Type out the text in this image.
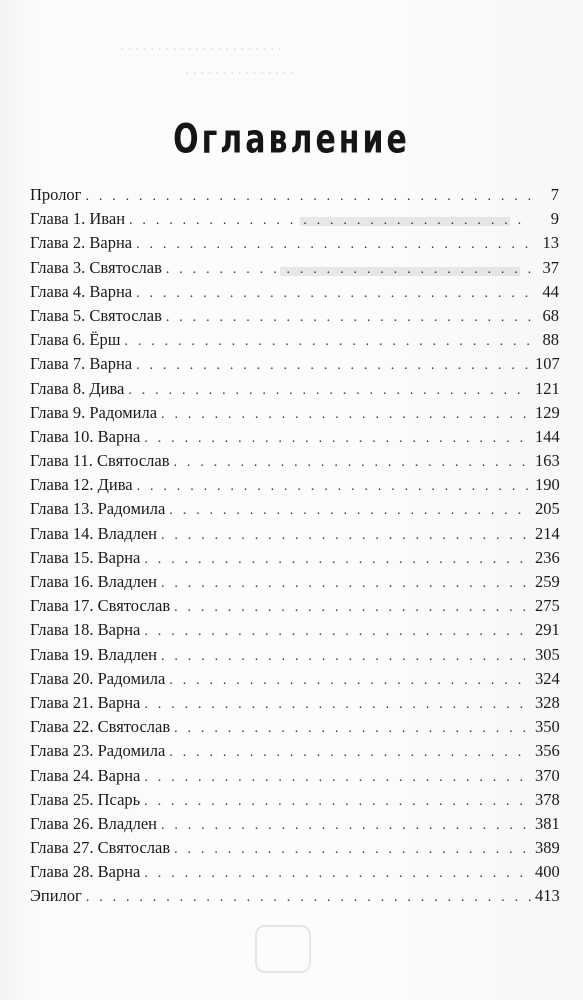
· · · · · · · · · · · · · · · · · · · · · ·
· · · · · · · · · · · · · · ·
▬▬▬▬▬▬▬
▬▬▬▬▬▬▬▬
Оглавление
Пролог . . .	7
Глава 1. Иван . . .	9
Глава 2. Варна . . .	13
Глава 3. Святослав . . .	37
Глава 4. Варна . . .	44
Глава 5. Святослав . . .	68
Глава 6. Ёрш . . .	88
Глава 7. Варна . . .	107
Глава 8. Дива . . .	121
Глава 9. Радомила . . .	129
Глава 10. Варна . . .	144
Глава 11. Святослав . . .	163
Глава 12. Дива . . .	190
Глава 13. Радомила . . .	205
Глава 14. Владлен . . .	214
Глава 15. Варна . . .	236
Глава 16. Владлен . . .	259
Глава 17. Святослав . . .	275
Глава 18. Варна . . .	291
Глава 19. Владлен . . .	305
Глава 20. Радомила . . .	324
Глава 21. Варна . . .	328
Глава 22. Святослав . . .	350
Глава 23. Радомила . . .	356
Глава 24. Варна . . .	370
Глава 25. Псарь . . .	378
Глава 26. Владлен . . .	381
Глава 27. Святослав . . .	389
Глава 28. Варна . . .	400
Эпилог . . .	413
